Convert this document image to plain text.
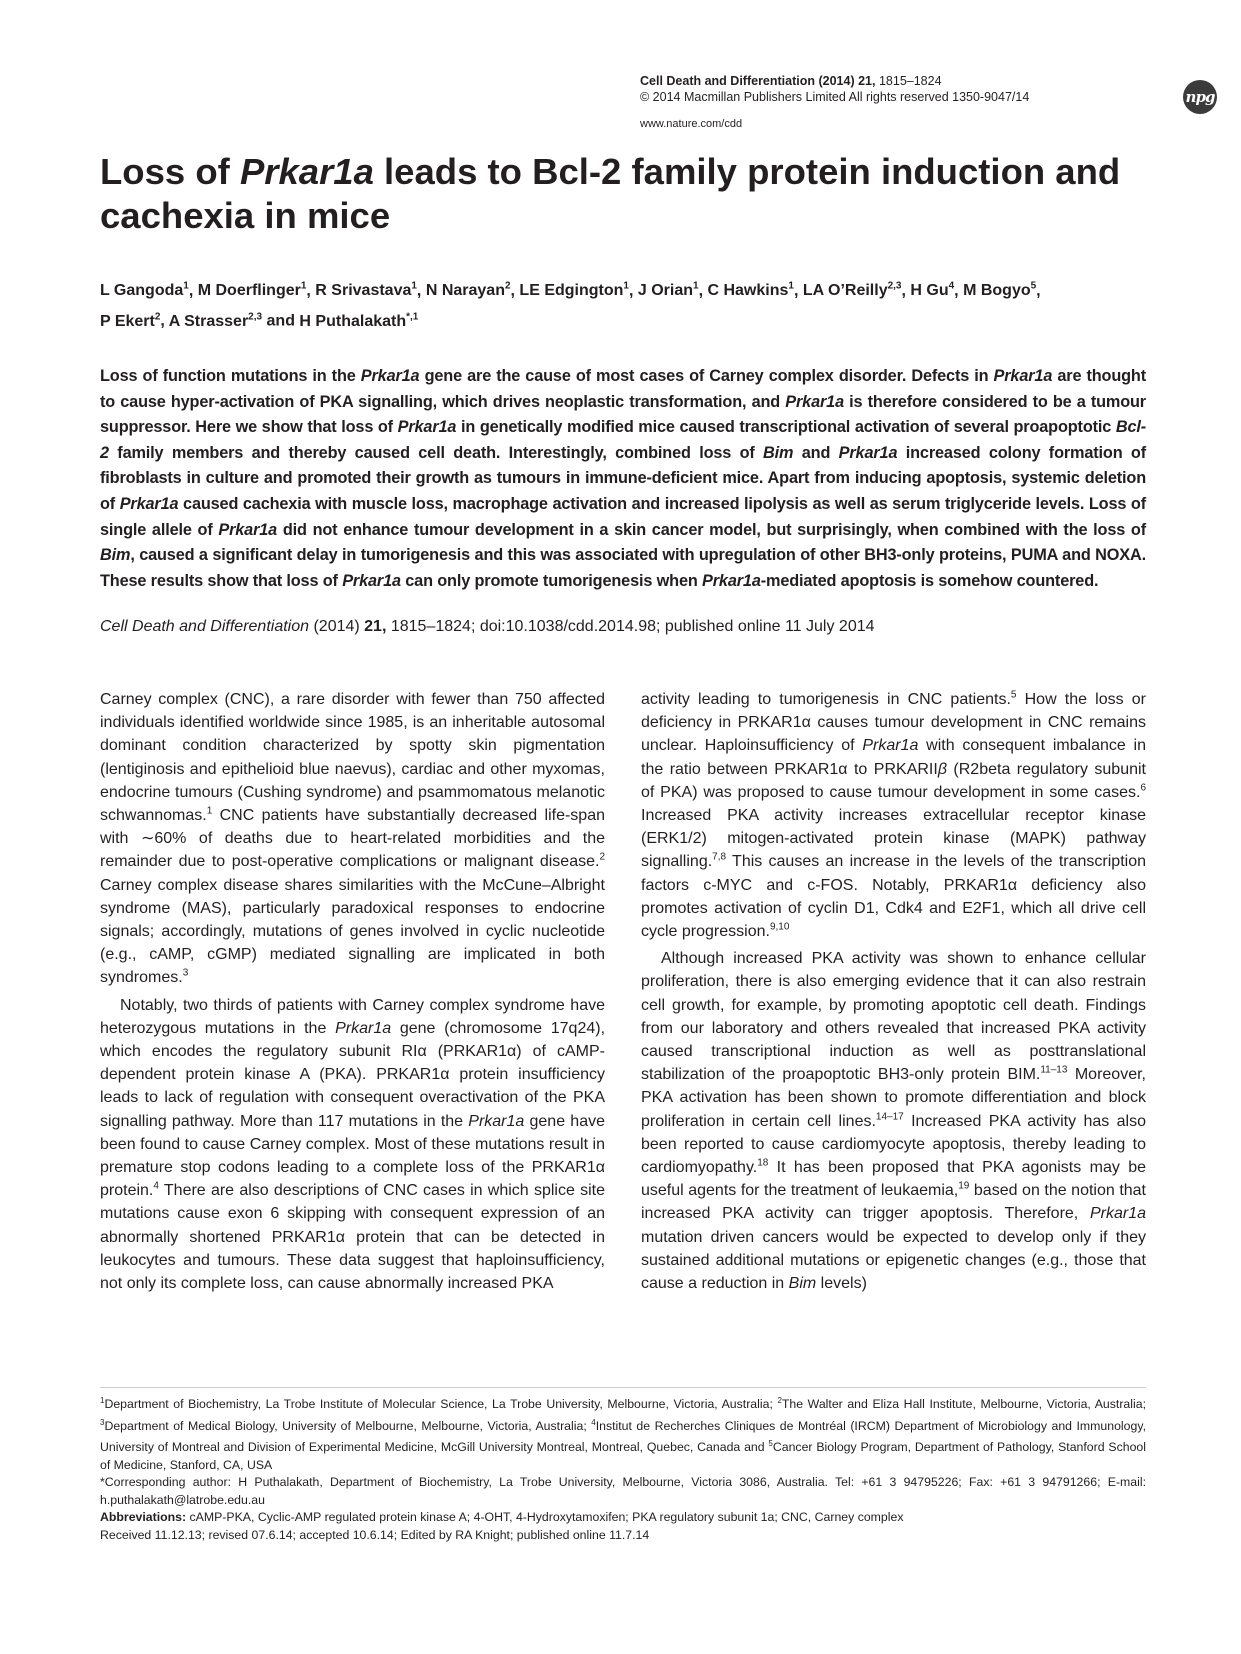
Cell Death and Differentiation (2014) 21, 1815–1824
© 2014 Macmillan Publishers Limited All rights reserved 1350-9047/14
www.nature.com/cdd
npg
Loss of Prkar1a leads to Bcl-2 family protein induction and cachexia in mice
L Gangoda$^1$, M Doerflinger$^1$, R Srivastava$^1$, N Narayan$^2$, LE Edgington$^1$, J Orian$^1$, C Hawkins$^1$, LA O’Reilly$^{2,3}$, H Gu$^4$, M Bogyo$^5$,
P Ekert$^2$, A Strasser$^{2,3}$ and H Puthalakath$^{*,1}$
Loss of function mutations in the Prkar1a gene are the cause of most cases of Carney complex disorder. Defects in Prkar1a are thought to cause hyper-activation of PKA signalling, which drives neoplastic transformation, and Prkar1a is therefore considered to be a tumour suppressor. Here we show that loss of Prkar1a in genetically modified mice caused transcriptional activation of several proapoptotic Bcl-2 family members and thereby caused cell death. Interestingly, combined loss of Bim and Prkar1a increased colony formation of fibroblasts in culture and promoted their growth as tumours in immune-deficient mice. Apart from inducing apoptosis, systemic deletion of Prkar1a caused cachexia with muscle loss, macrophage activation and increased lipolysis as well as serum triglyceride levels. Loss of single allele of Prkar1a did not enhance tumour development in a skin cancer model, but surprisingly, when combined with the loss of Bim, caused a significant delay in tumorigenesis and this was associated with upregulation of other BH3-only proteins, PUMA and NOXA. These results show that loss of Prkar1a can only promote tumorigenesis when Prkar1a-mediated apoptosis is somehow countered.
Cell Death and Differentiation (2014) 21, 1815–1824; doi:10.1038/cdd.2014.98; published online 11 July 2014

Carney complex (CNC), a rare disorder with fewer than 750 affected individuals identified worldwide since 1985, is an inheritable autosomal dominant condition characterized by spotty skin pigmentation (lentiginosis and epithelioid blue naevus), cardiac and other myxomas, endocrine tumours (Cushing syndrome) and psammomatous melanotic schwannomas.$^1$ CNC patients have substantially decreased life-span with ∼60% of deaths due to heart-related morbidities and the remainder due to post-operative complications or malignant disease.$^2$ Carney complex disease shares similarities with the McCune–Albright syndrome (MAS), particularly paradoxical responses to endocrine signals; accordingly, mutations of genes involved in cyclic nucleotide (e.g., cAMP, cGMP) mediated signalling are implicated in both syndromes.$^3$

Notably, two thirds of patients with Carney complex syndrome have heterozygous mutations in the Prkar1a gene (chromosome 17q24), which encodes the regulatory subunit RIα (PRKAR1α) of cAMP-dependent protein kinase A (PKA). PRKAR1α protein insufficiency leads to lack of regulation with consequent overactivation of the PKA signalling pathway. More than 117 mutations in the Prkar1a gene have been found to cause Carney complex. Most of these mutations result in premature stop codons leading to a complete loss of the PRKAR1α protein.$^4$ There are also descriptions of CNC cases in which splice site mutations cause exon 6 skipping with consequent expression of an abnormally shortened PRKAR1α protein that can be detected in leukocytes and tumours. These data suggest that haploinsufficiency, not only its complete loss, can cause abnormally increased PKA

activity leading to tumorigenesis in CNC patients.$^5$ How the loss or deficiency in PRKAR1α causes tumour development in CNC remains unclear. Haploinsufficiency of Prkar1a with consequent imbalance in the ratio between PRKAR1α to PRKARIIβ (R2beta regulatory subunit of PKA) was proposed to cause tumour development in some cases.$^6$ Increased PKA activity increases extracellular receptor kinase (ERK1/2) mitogen-activated protein kinase (MAPK) pathway signalling.$^{7,8}$ This causes an increase in the levels of the transcription factors c-MYC and c-FOS. Notably, PRKAR1α deficiency also promotes activation of cyclin D1, Cdk4 and E2F1, which all drive cell cycle progression.$^{9,10}$

Although increased PKA activity was shown to enhance cellular proliferation, there is also emerging evidence that it can also restrain cell growth, for example, by promoting apoptotic cell death. Findings from our laboratory and others revealed that increased PKA activity caused transcriptional induction as well as posttranslational stabilization of the proapoptotic BH3-only protein BIM.$^{11-13}$ Moreover, PKA activation has been shown to promote differentiation and block proliferation in certain cell lines.$^{14-17}$ Increased PKA activity has also been reported to cause cardiomyocyte apoptosis, thereby leading to cardiomyopathy.$^{18}$ It has been proposed that PKA agonists may be useful agents for the treatment of leukaemia,$^{19}$ based on the notion that increased PKA activity can trigger apoptosis. Therefore, Prkar1a mutation driven cancers would be expected to develop only if they sustained additional mutations or epigenetic changes (e.g., those that cause a reduction in Bim levels)

$^1$Department of Biochemistry, La Trobe Institute of Molecular Science, La Trobe University, Melbourne, Victoria, Australia; $^2$The Walter and Eliza Hall Institute, Melbourne, Victoria, Australia; $^3$Department of Medical Biology, University of Melbourne, Melbourne, Victoria, Australia; $^4$Institut de Recherches Cliniques de Montréal (IRCM) Department of Microbiology and Immunology, University of Montreal and Division of Experimental Medicine, McGill University Montreal, Montreal, Quebec, Canada and $^5$Cancer Biology Program, Department of Pathology, Stanford School of Medicine, Stanford, CA, USA

*Corresponding author: H Puthalakath, Department of Biochemistry, La Trobe University, Melbourne, Victoria 3086, Australia. Tel: +61 3 94795226; Fax: +61 3 94791266; E-mail: h.puthalakath@latrobe.edu.au

Abbreviations: cAMP-PKA, Cyclic-AMP regulated protein kinase A; 4-OHT, 4-Hydroxytamoxifen; PKA regulatory subunit 1a; CNC, Carney complex

Received 11.12.13; revised 07.6.14; accepted 10.6.14; Edited by RA Knight; published online 11.7.14
